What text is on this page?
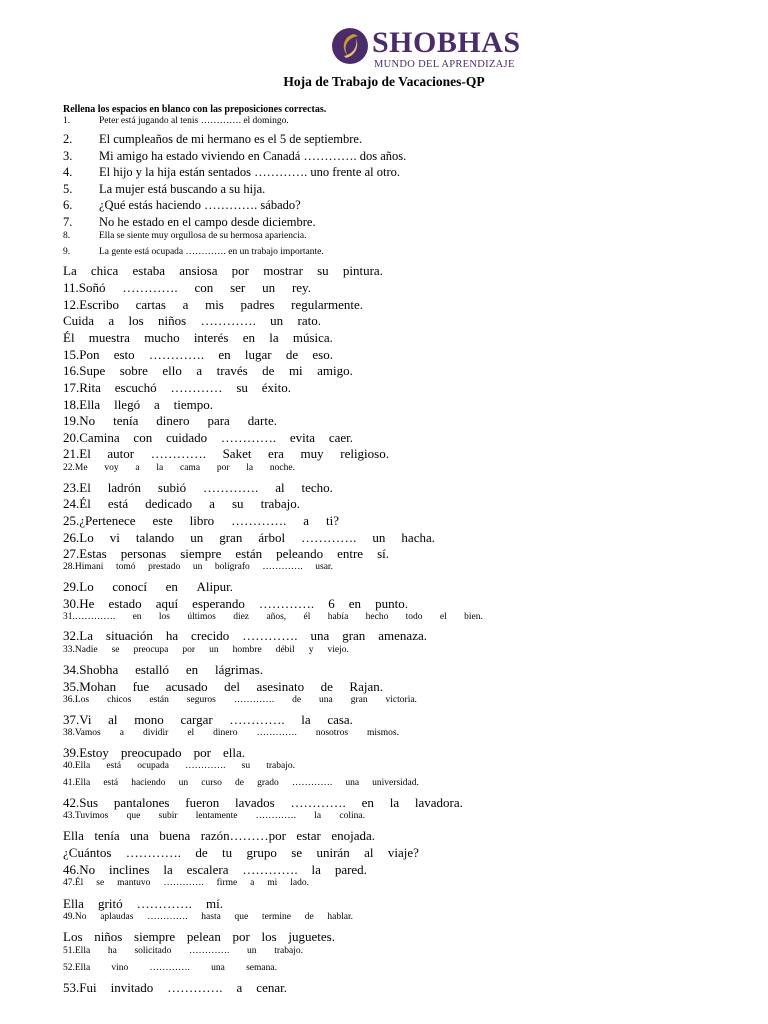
SHOBHAS
MUNDO DEL APRENDIZAJE
Hoja de Trabajo de Vacaciones-QP
Rellena los espacios en blanco con las preposiciones correctas.
1.	Peter está jugando al tenis …………. el domingo.
2.	El cumpleaños de mi hermano es el 5 de septiembre.
3.	Mi amigo ha estado viviendo en Canadá …………. dos años.
4.	El hijo y la hija están sentados …………. uno frente al otro.
5.	La mujer está buscando a su hija.
6.	¿Qué estás haciendo …………. sábado?
7.	No he estado en el campo desde diciembre.
8.	Ella se siente muy orgullosa de su hermosa apariencia.
9.	La gente está ocupada …………. en un trabajo importante.
La chica estaba ansiosa por mostrar su pintura.
11. Soñó …………. con ser un rey.
12. Escribo cartas a mis padres regularmente.
Cuida a los niños …………. un rato.
Él muestra mucho interés en la música.
15. Pon esto …………. en lugar de eso.
16. Supe sobre ello a través de mi amigo.
17. Rita escuchó ………… su éxito.
18. Ella llegó a tiempo.
19. No tenía dinero para darte.
20. Camina con cuidado …………. evita caer.
21. El autor …………. Saket era muy religioso.
22. Me voy a la cama por la noche.
23. El ladrón subió …………. al techo.
24. Él está dedicado a su trabajo.
25. ¿Pertenece este libro …………. a ti?
26. Lo vi talando un gran árbol …………. un hacha.
27. Estas personas siempre están peleando entre sí.
28. Himani tomó prestado un bolígrafo …………. usar.
29. Lo conocí en Alipur.
30. He estado aquí esperando …………. 6 en punto.
31. …………. en los últimos diez años, él había hecho todo el bien.
32. La situación ha crecido …………. una gran amenaza.
33. Nadie se preocupa por un hombre débil y viejo.
34. Shobha estalló en lágrimas.
35. Mohan fue acusado del asesinato de Rajan.
36. Los chicos están seguros …………. de una gran victoria.
37. Vi al mono cargar …………. la casa.
38. Vamos a dividir el dinero …………. nosotros mismos.
39. Estoy preocupado por ella.
40. Ella está ocupada …………. su trabajo.
41. Ella está haciendo un curso de grado …………. una universidad.
42. Sus pantalones fueron lavados …………. en la lavadora.
43. Tuvimos que subir lentamente …………. la colina.
Ella tenía una buena razón………por estar enojada.
¿Cuántos …………. de tu grupo se unirán al viaje?
46. No inclines la escalera …………. la pared.
47. Él se mantuvo …………. firme a mi lado.
Ella gritó …………. mí.
49. No aplaudas …………. hasta que termine de hablar.
Los niños siempre pelean por los juguetes.
51. Ella ha solicitado …………. un trabajo.
52. Ella vino …………. una semana.
53. Fui invitado …………. a cenar.
